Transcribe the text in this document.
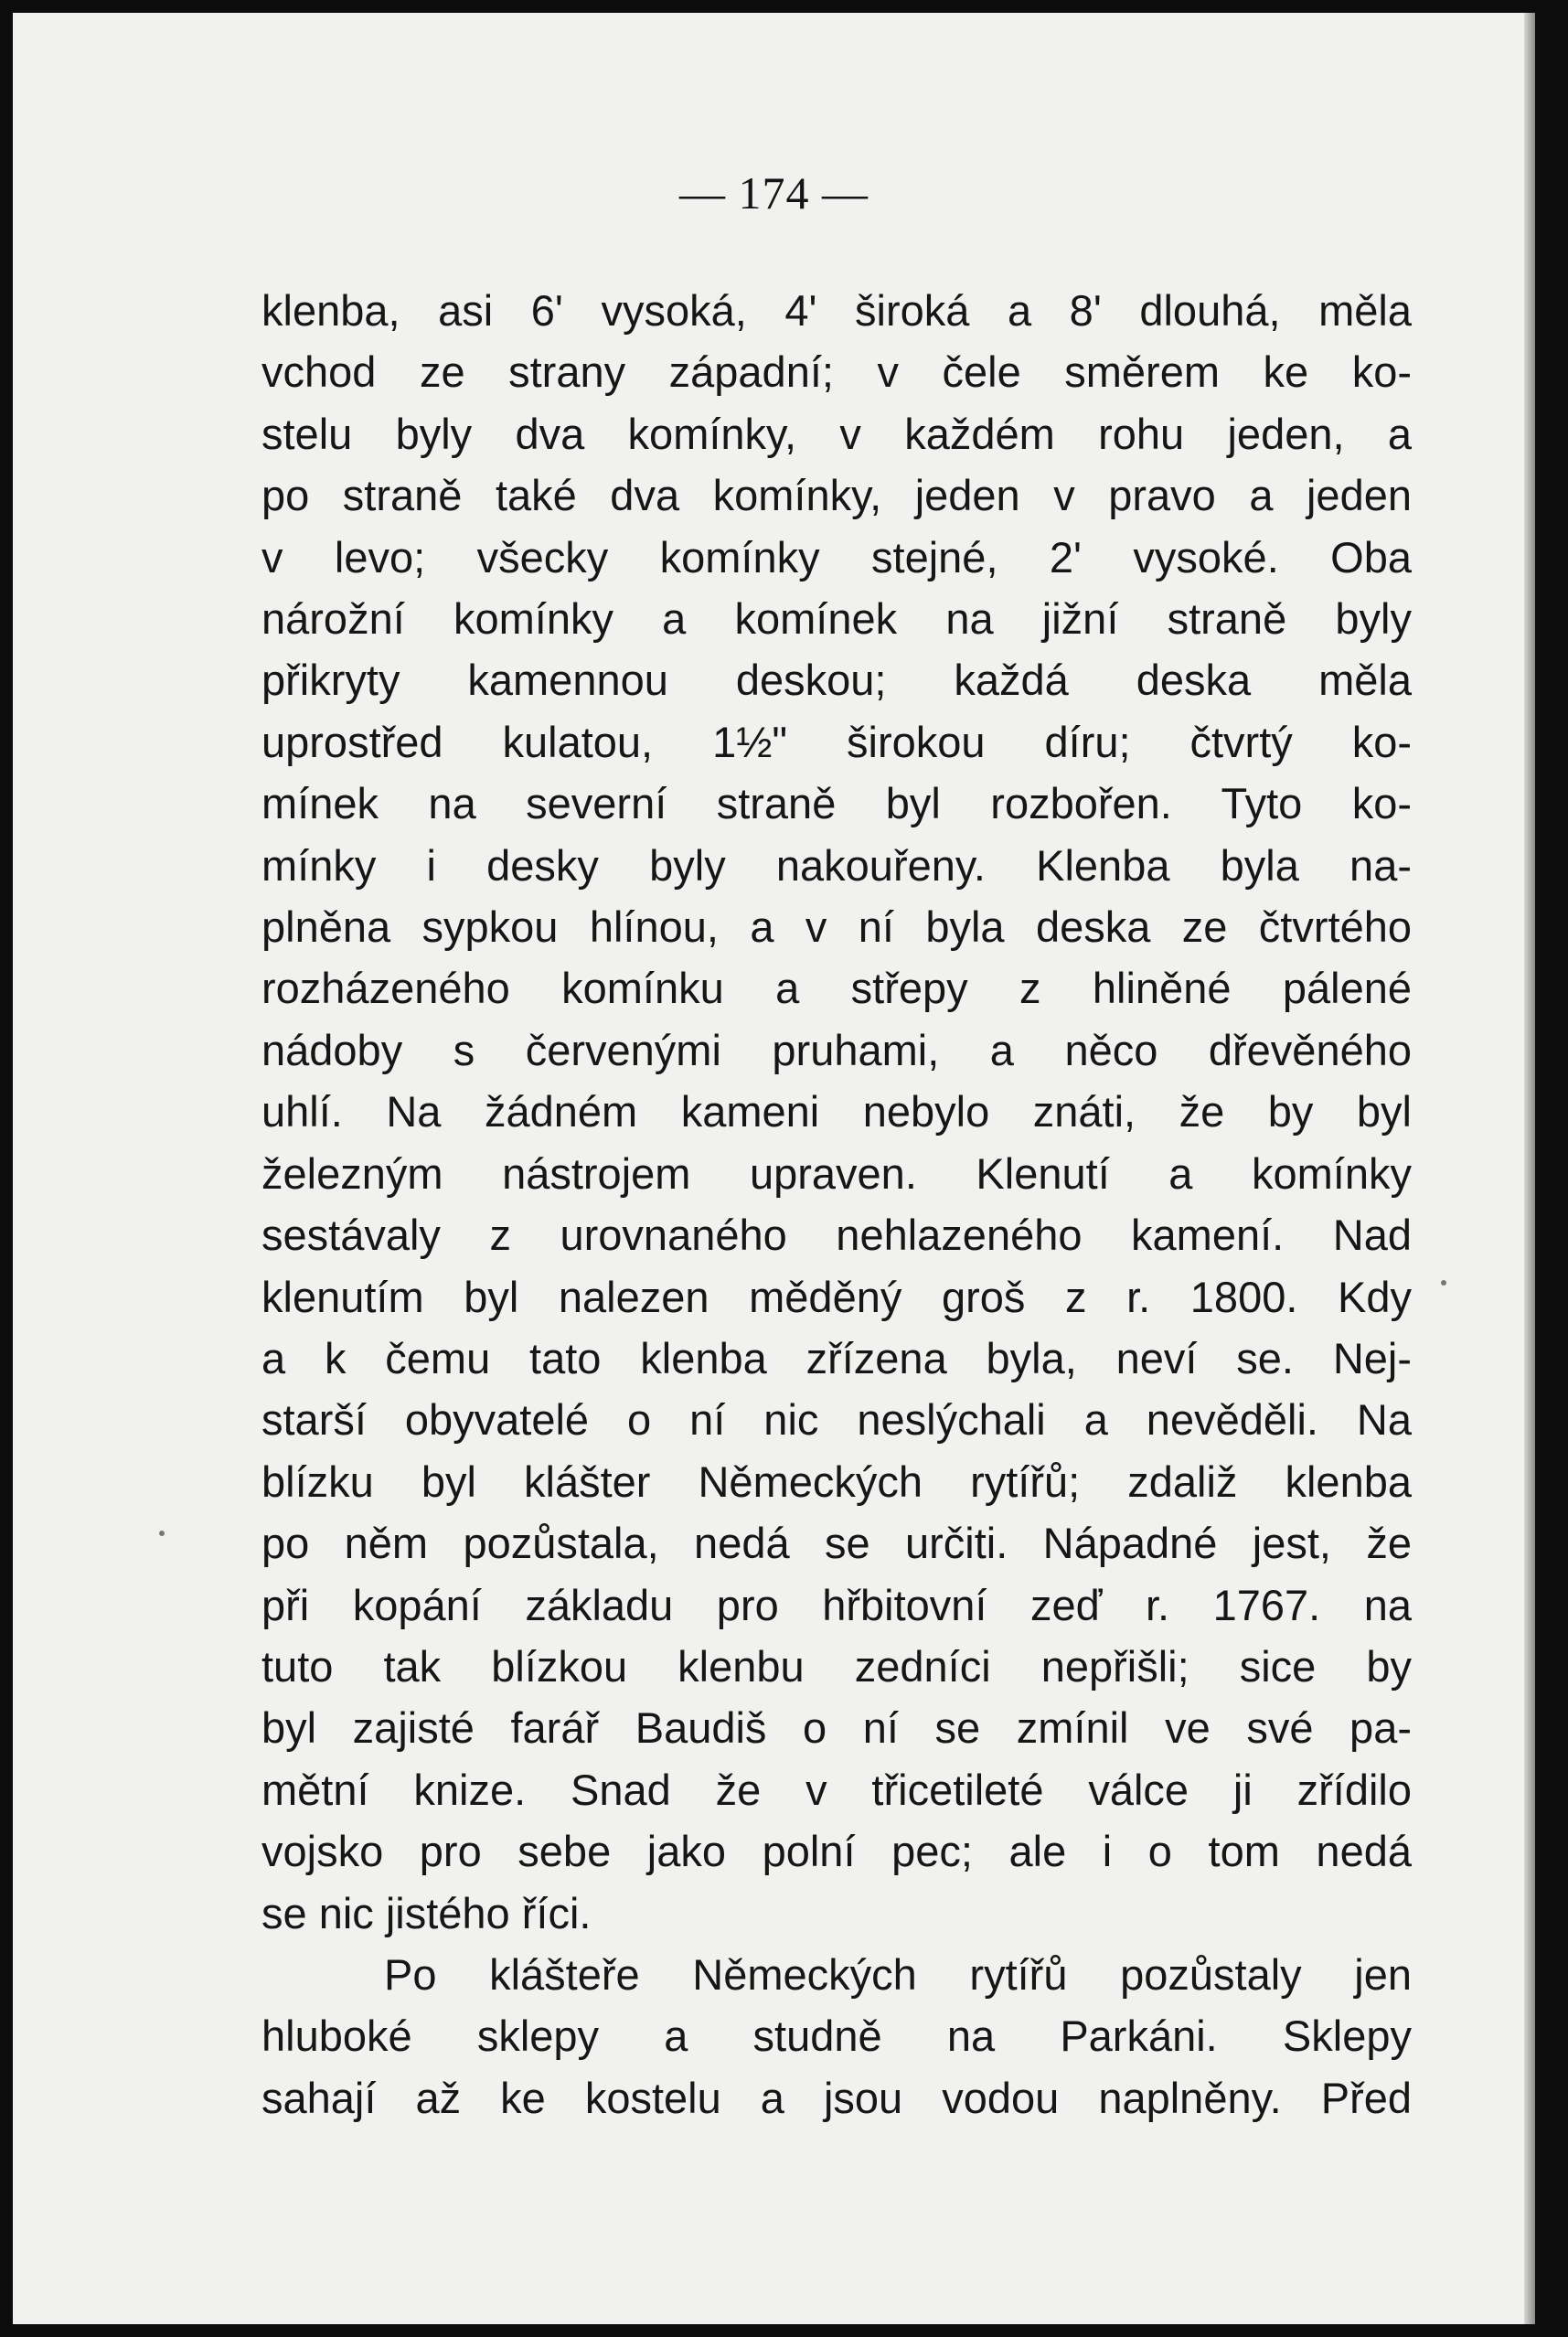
— 174 —
klenba, asi 6' vysoká, 4' široká a 8' dlouhá, měla
vchod ze strany západní; v čele směrem ke ko-
stelu byly dva komínky, v každém rohu jeden, a
po straně také dva komínky, jeden v pravo a jeden
v levo; všecky komínky stejné, 2' vysoké. Oba
nárožní komínky a komínek na jižní straně byly
přikryty kamennou deskou; každá deska měla
uprostřed kulatou, 1½" širokou díru; čtvrtý ko-
mínek na severní straně byl rozbořen. Tyto ko-
mínky i desky byly nakouřeny. Klenba byla na-
plněna sypkou hlínou, a v ní byla deska ze čtvrtého
rozházeného komínku a střepy z hliněné pálené
nádoby s červenými pruhami, a něco dřevěného
uhlí. Na žádném kameni nebylo znáti, že by byl
železným nástrojem upraven. Klenutí a komínky
sestávaly z urovnaného nehlazeného kamení. Nad
klenutím byl nalezen měděný groš z r. 1800. Kdy
a k čemu tato klenba zřízena byla, neví se. Nej-
starší obyvatelé o ní nic neslýchali a nevěděli. Na
blízku byl klášter Německých rytířů; zdaliž klenba
po něm pozůstala, nedá se určiti. Nápadné jest, že
při kopání základu pro hřbitovní zeď r. 1767. na
tuto tak blízkou klenbu zedníci nepřišli; sice by
byl zajisté farář Baudiš o ní se zmínil ve své pa-
mětní knize. Snad že v třicetileté válce ji zřídilo
vojsko pro sebe jako polní pec; ale i o tom nedá
se nic jistého říci.
Po klášteře Německých rytířů pozůstaly jen
hluboké sklepy a studně na Parkáni. Sklepy
sahají až ke kostelu a jsou vodou naplněny. Před
